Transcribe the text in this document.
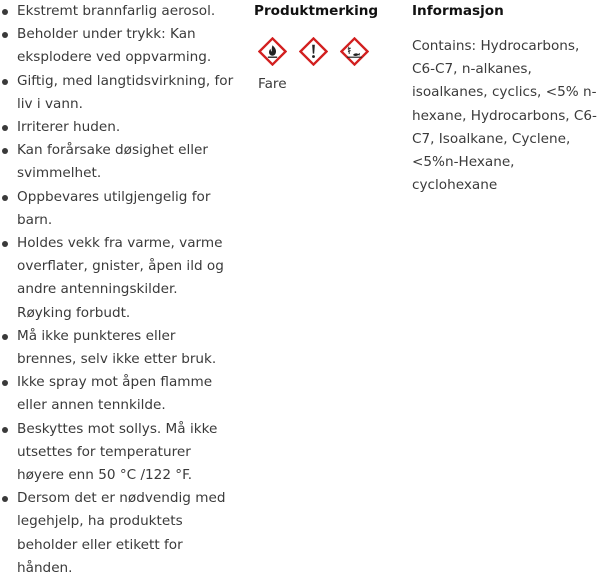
Ekstremt brannfarlig aerosol.
Beholder under trykk: Kan eksplodere ved oppvarming.
Giftig, med langtidsvirkning, for liv i vann.
Irriterer huden.
Kan forårsake døsighet eller svimmelhet.
Oppbevares utilgjengelig for barn.
Holdes vekk fra varme, varme overflater, gnister, åpen ild og andre antenningskilder. Røyking forbudt.
Må ikke punkteres eller brennes, selv ikke etter bruk.
Ikke spray mot åpen flamme eller annen tennkilde.
Beskyttes mot sollys. Må ikke utsettes for temperaturer høyere enn 50 °C /122 °F.
Dersom det er nødvendig med legehjelp, ha produktets beholder eller etikett for hånden.
Produktmerking
Fare
Informasjon
Contains: Hydrocarbons, C6-C7, n-alkanes, isoalkanes, cyclics, <5% n-hexane, Hydrocarbons, C6-C7, Isoalkane, Cyclene, <5%n-Hexane, cyclohexane
